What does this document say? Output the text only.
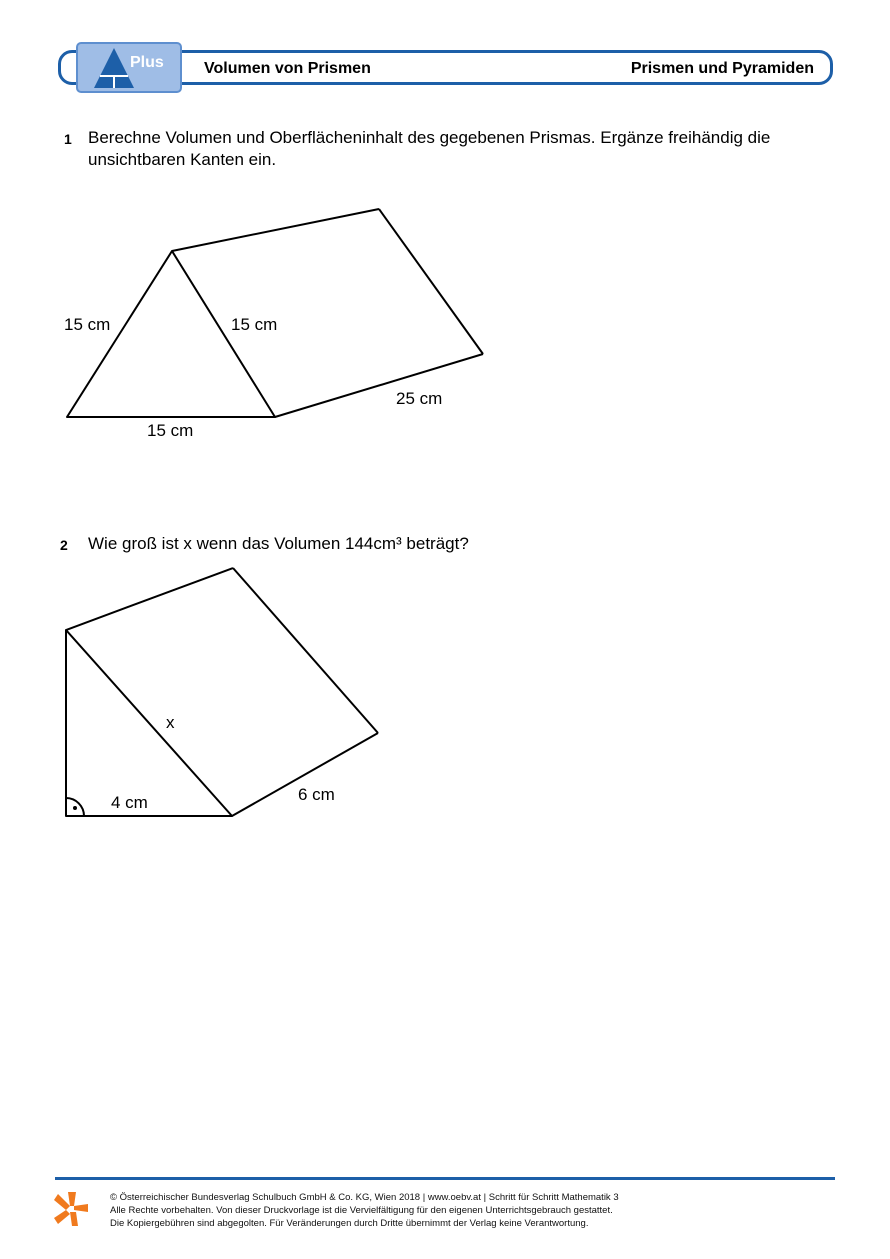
Plus	Volumen von Prismen	Prismen und Pyramiden
1 Berechne Volumen und Oberflächeninhalt des gegebenen Prismas. Ergänze freihändig die unsichtbaren Kanten ein.
15 cm	15 cm
15 cm
25 cm
2 Wie groß ist x wenn das Volumen 144cm³ beträgt?
x
4 cm	6 cm
© Österreichischer Bundesverlag Schulbuch GmbH & Co. KG, Wien 2018 | www.oebv.at | Schritt für Schritt Mathematik 3
Alle Rechte vorbehalten. Von dieser Druckvorlage ist die Vervielfältigung für den eigenen Unterrichtsgebrauch gestattet.
Die Kopiergebühren sind abgegolten. Für Veränderungen durch Dritte übernimmt der Verlag keine Verantwortung.
